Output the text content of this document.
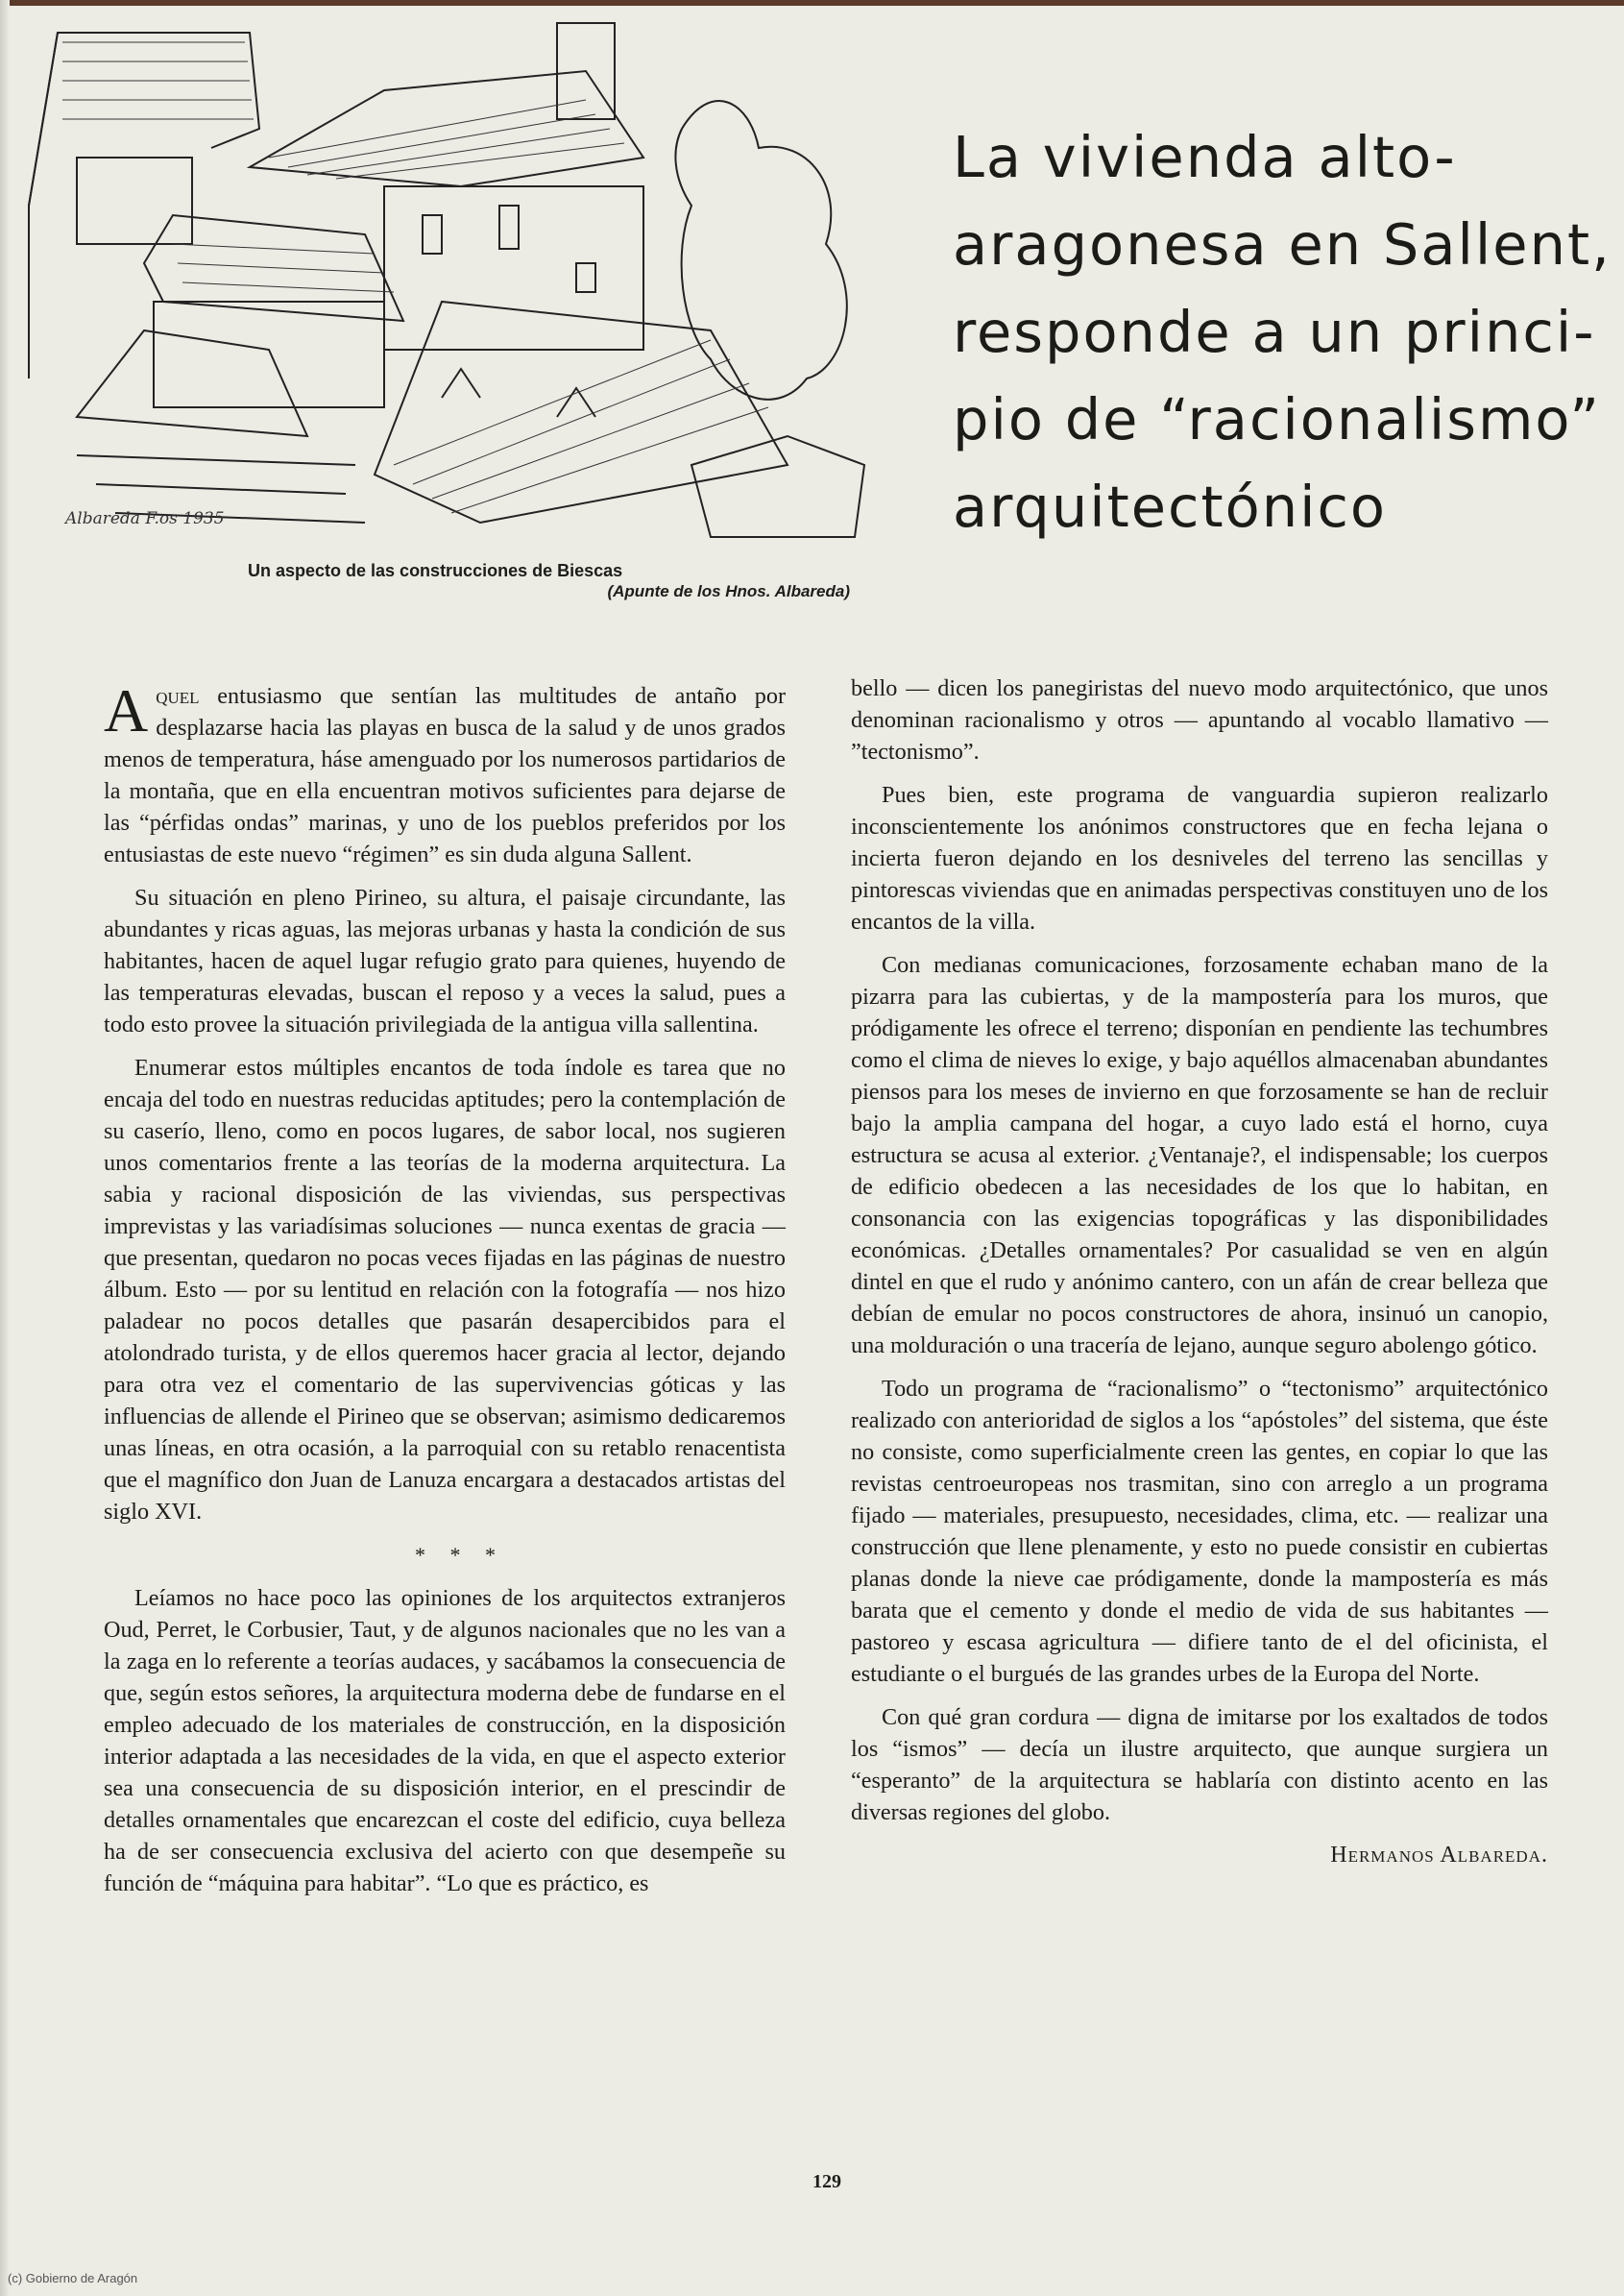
Albareda F.os 1935
Un aspecto de las construcciones de Biescas
(Apunte de los Hnos. Albareda)
La vivienda alto-
aragonesa en Sallent,
responde a un princi-
pio de “racionalismo”
arquitectónico

Aquel entusiasmo que sentían las multitudes de antaño por desplazarse hacia las playas en busca de la salud y de unos grados menos de temperatura, háse amenguado por los numerosos partidarios de la montaña, que en ella encuentran motivos suficientes para dejarse de las “pérfidas ondas” marinas, y uno de los pueblos preferidos por los entusiastas de este nuevo “régimen” es sin duda alguna Sallent.

Su situación en pleno Pirineo, su altura, el paisaje circundante, las abundantes y ricas aguas, las mejoras urbanas y hasta la condición de sus habitantes, hacen de aquel lugar refugio grato para quienes, huyendo de las temperaturas elevadas, buscan el reposo y a veces la salud, pues a todo esto provee la situación privilegiada de la antigua villa sallentina.

Enumerar estos múltiples encantos de toda índole es tarea que no encaja del todo en nuestras reducidas aptitudes; pero la contemplación de su caserío, lleno, como en pocos lugares, de sabor local, nos sugieren unos comentarios frente a las teorías de la moderna arquitectura. La sabia y racional disposición de las viviendas, sus perspectivas imprevistas y las variadísimas soluciones — nunca exentas de gracia — que presentan, quedaron no pocas veces fijadas en las páginas de nuestro álbum. Esto — por su lentitud en relación con la fotografía — nos hizo paladear no pocos detalles que pasarán desapercibidos para el atolondrado turista, y de ellos queremos hacer gracia al lector, dejando para otra vez el comentario de las supervivencias góticas y las influencias de allende el Pirineo que se observan; asimismo dedicaremos unas líneas, en otra ocasión, a la parroquial con su retablo renacentista que el magnífico don Juan de Lanuza encargara a destacados artistas del siglo XVI.

* * *

Leíamos no hace poco las opiniones de los arquitectos extranjeros Oud, Perret, le Corbusier, Taut, y de algunos nacionales que no les van a la zaga en lo referente a teorías audaces, y sacábamos la consecuencia de que, según estos señores, la arquitectura moderna debe de fundarse en el empleo adecuado de los materiales de construcción, en la disposición interior adaptada a las necesidades de la vida, en que el aspecto exterior sea una consecuencia de su disposición interior, en el prescindir de detalles ornamentales que encarezcan el coste del edificio, cuya belleza ha de ser consecuencia exclusiva del acierto con que desempeñe su función de “máquina para habitar”. “Lo que es práctico, es

bello — dicen los panegiristas del nuevo modo arquitectónico, que unos denominan racionalismo y otros — apuntando al vocablo llamativo — ”tectonismo”.

Pues bien, este programa de vanguardia supieron realizarlo inconscientemente los anónimos constructores que en fecha lejana o incierta fueron dejando en los desniveles del terreno las sencillas y pintorescas viviendas que en animadas perspectivas constituyen uno de los encantos de la villa.

Con medianas comunicaciones, forzosamente echaban mano de la pizarra para las cubiertas, y de la mampostería para los muros, que pródigamente les ofrece el terreno; disponían en pendiente las techumbres como el clima de nieves lo exige, y bajo aquéllos almacenaban abundantes piensos para los meses de invierno en que forzosamente se han de recluir bajo la amplia campana del hogar, a cuyo lado está el horno, cuya estructura se acusa al exterior. ¿Ventanaje?, el indispensable; los cuerpos de edificio obedecen a las necesidades de los que lo habitan, en consonancia con las exigencias topográficas y las disponibilidades económicas. ¿Detalles ornamentales? Por casualidad se ven en algún dintel en que el rudo y anónimo cantero, con un afán de crear belleza que debían de emular no pocos constructores de ahora, insinuó un canopio, una molduración o una tracería de lejano, aunque seguro abolengo gótico.

Todo un programa de “racionalismo” o “tectonismo” arquitectónico realizado con anterioridad de siglos a los “apóstoles” del sistema, que éste no consiste, como superficialmente creen las gentes, en copiar lo que las revistas centroeuropeas nos trasmitan, sino con arreglo a un programa fijado — materiales, presupuesto, necesidades, clima, etc. — realizar una construcción que llene plenamente, y esto no puede consistir en cubiertas planas donde la nieve cae pródigamente, donde la mampostería es más barata que el cemento y donde el medio de vida de sus habitantes — pastoreo y escasa agricultura — difiere tanto de el del oficinista, el estudiante o el burgués de las grandes urbes de la Europa del Norte.

Con qué gran cordura — digna de imitarse por los exaltados de todos los “ismos” — decía un ilustre arquitecto, que aunque surgiera un “esperanto” de la arquitectura se hablaría con distinto acento en las diversas regiones del globo.

Hermanos Albareda.

129
(c) Gobierno de Aragón
